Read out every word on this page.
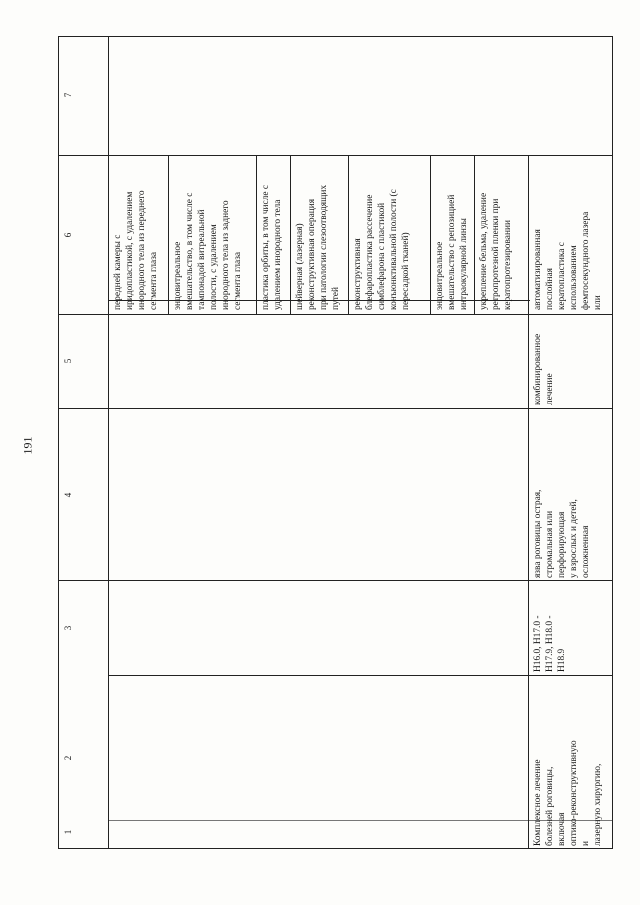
191
1
2
3
4
5
6
7
Комплексное лечение
болезней роговицы, включая
оптико-реконструктивную и
лазерную хирургию,
H16.0, H17.0 -
H17.9, H18.0 -
H18.9
язва роговицы острая,
стромальная или перфорирующая
у взрослых и детей, осложненная
комбинированное
лечение
передней камеры с
иридопластикой, с удалением
инородного тела из переднего
сегмента глаза эндовитреальное
вмешательство, в том числе с
тампонадой витреальной
полости, с удалением
инородного тела из заднего
сегмента глаза
пластика орбиты, в том числе с
удалением инородного тела
шейверная (лазерная)
реконструктивная операция
при патологии слезоотводящих
путей реконструктивная
блефаропластика рассечение
симблефарона с пластикой
конъюнктивальной полости (с
пересадкой тканей)	эндовитреальное
вмешательство с репозицией
интраокулярной линзы
укрепление бельма, удаление
ретропротезной пленки при
кератопротезировании автоматизированная послойная
кератопластика с
использованием
фемтосекундного лазера или
